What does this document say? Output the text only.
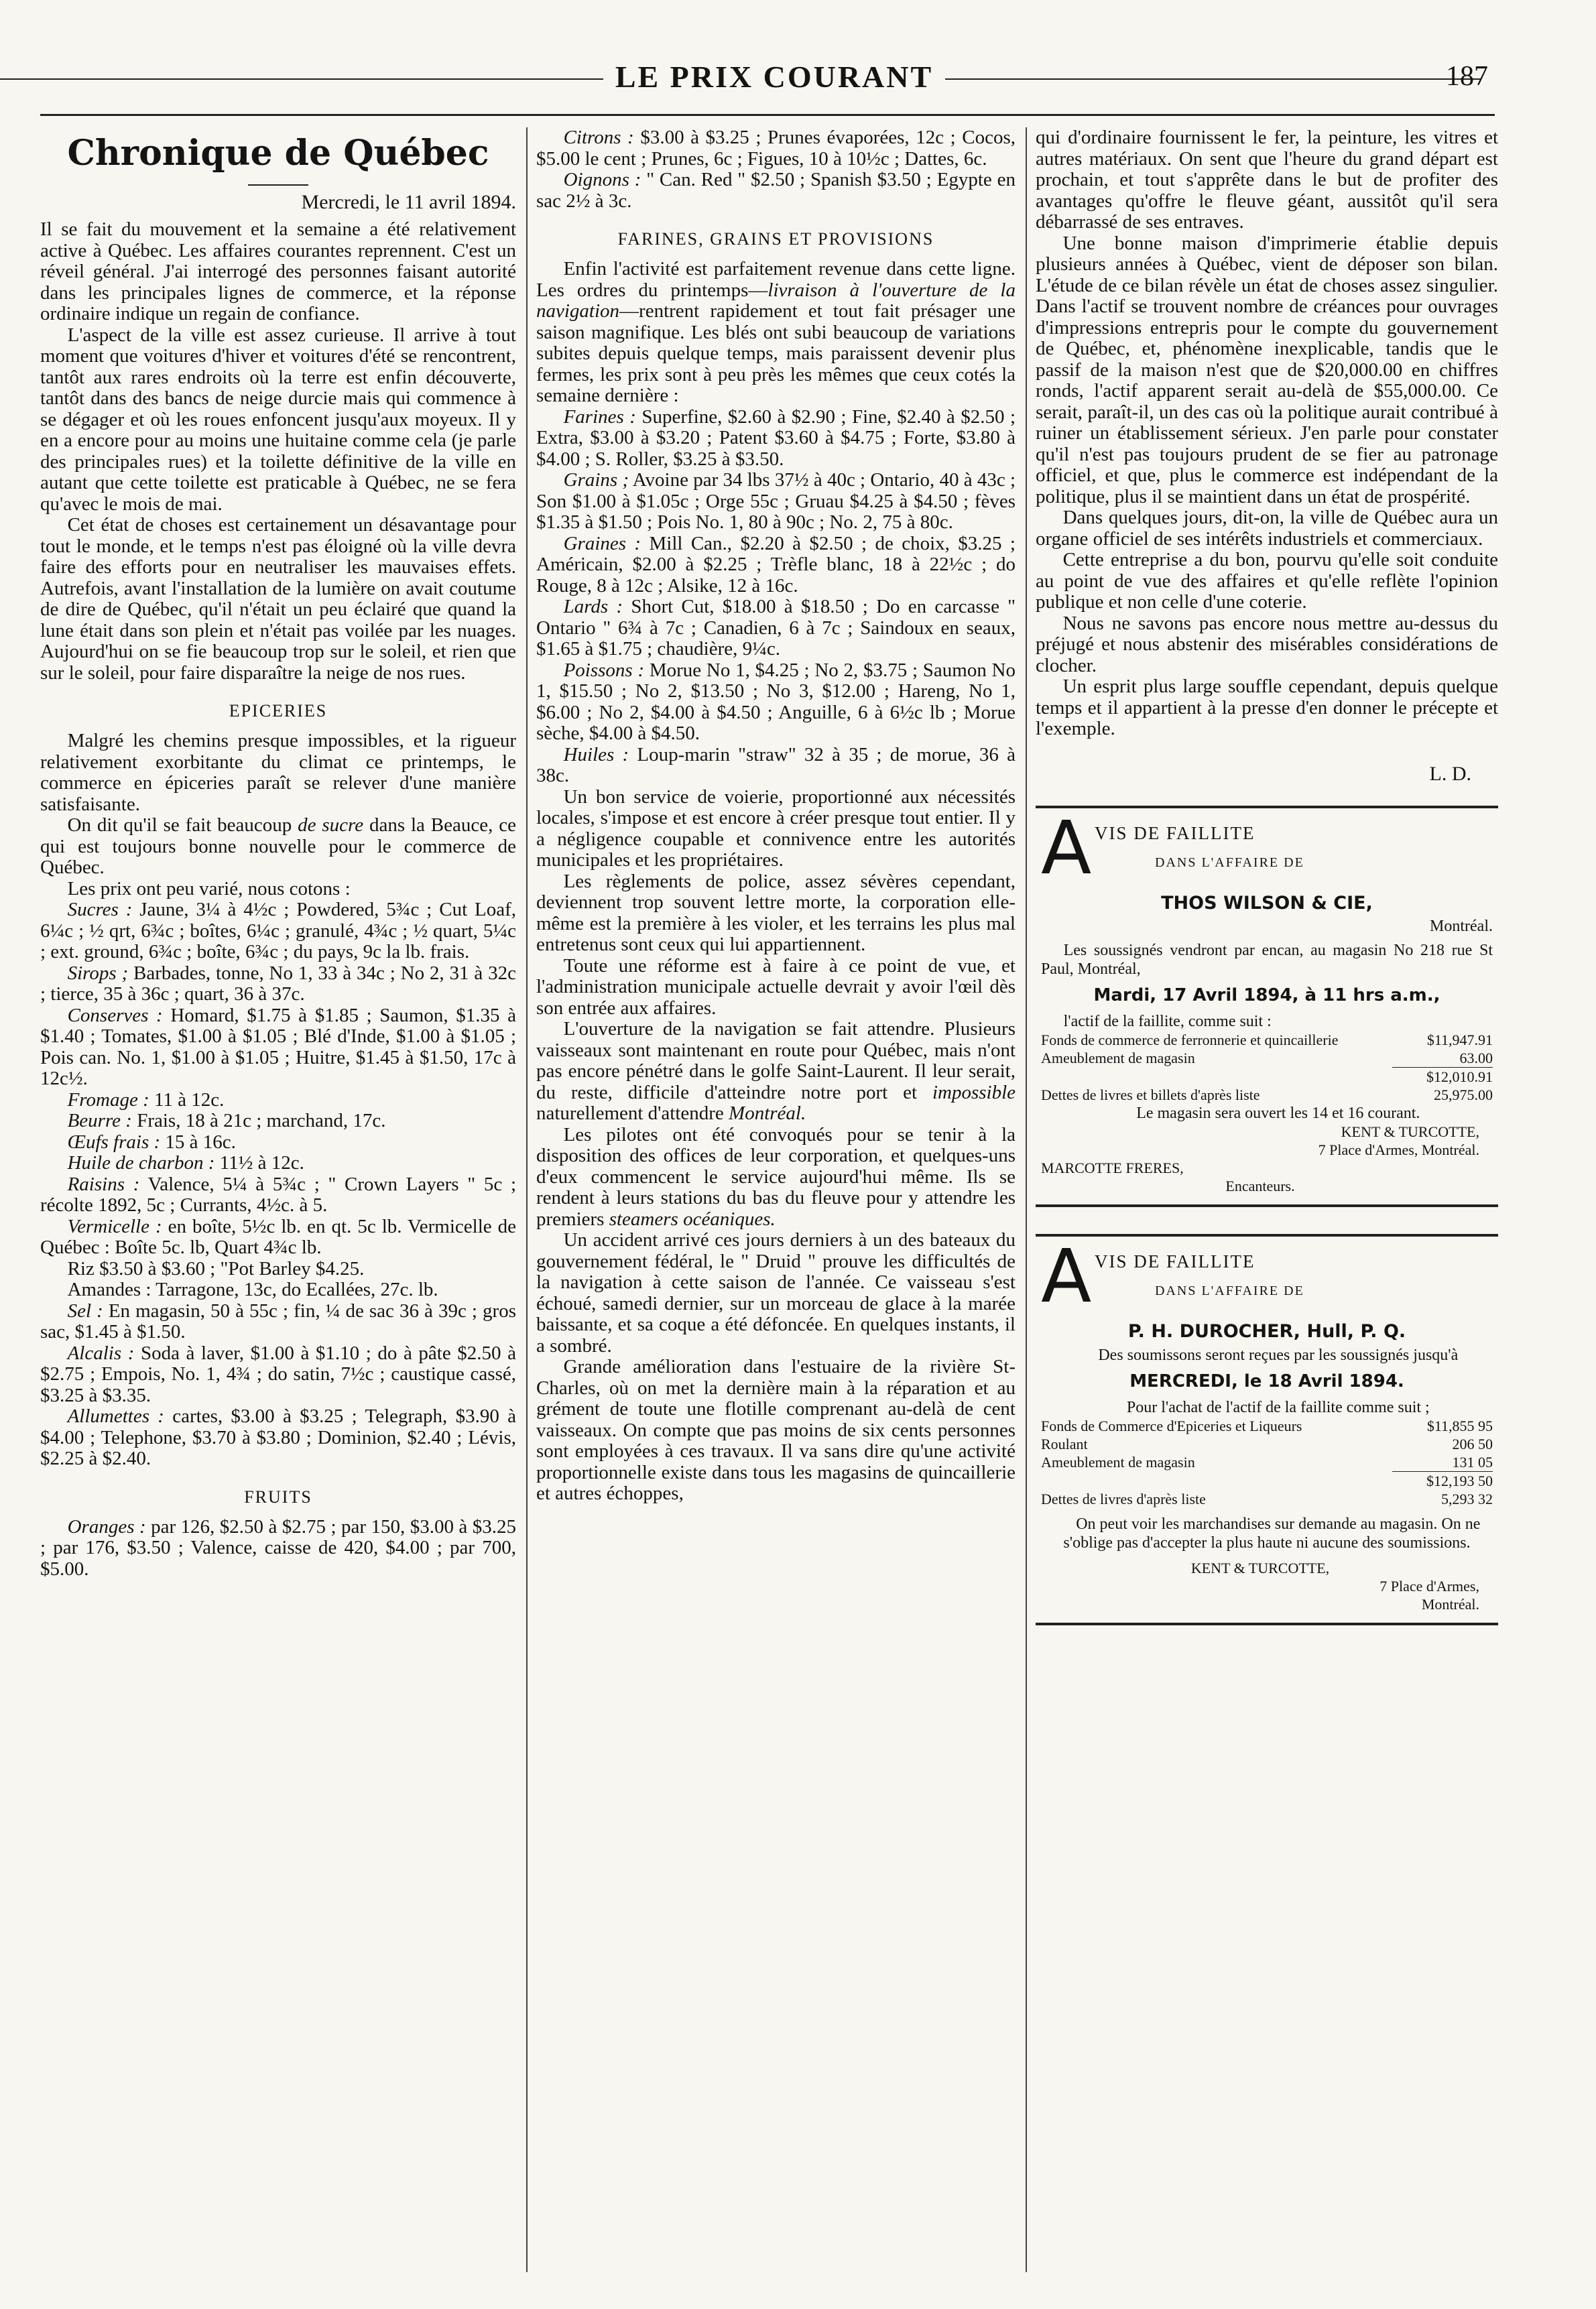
LE PRIX COURANT	187
Chronique de Québec
Mercredi, le 11 avril 1894.

Il se fait du mouvement et la semaine a été relativement active à Québec. Les affaires courantes reprennent. C'est un réveil général. J'ai interrogé des personnes faisant autorité dans les principales lignes de commerce, et la réponse ordinaire indique un regain de confiance.

L'aspect de la ville est assez curieuse. Il arrive à tout moment que voitures d'hiver et voitures d'été se rencontrent, tantôt aux rares endroits où la terre est enfin découverte, tantôt dans des bancs de neige durcie mais qui commence à se dégager et où les roues enfoncent jusqu'aux moyeux. Il y en a encore pour au moins une huitaine comme cela (je parle des principales rues) et la toilette définitive de la ville en autant que cette toilette est praticable à Québec, ne se fera qu'avec le mois de mai.

Cet état de choses est certainement un désavantage pour tout le monde, et le temps n'est pas éloigné où la ville devra faire des efforts pour en neutraliser les mauvaises effets. Autrefois, avant l'installation de la lumière on avait coutume de dire de Québec, qu'il n'était un peu éclairé que quand la lune était dans son plein et n'était pas voilée par les nuages. Aujourd'hui on se fie beaucoup trop sur le soleil, et rien que sur le soleil, pour faire disparaître la neige de nos rues.

EPICERIES

Malgré les chemins presque impossibles, et la rigueur relativement exorbitante du climat ce printemps, le commerce en épiceries paraît se relever d'une manière satisfaisante.

On dit qu'il se fait beaucoup de sucre dans la Beauce, ce qui est toujours bonne nouvelle pour le commerce de Québec.

Les prix ont peu varié, nous cotons :

Sucres : Jaune, 3¼ à 4½c ; Powdered, 5¾c ; Cut Loaf, 6¼c ; ½ qrt, 6¾c ; boîtes, 6¼c ; granulé, 4¾c ; ½ quart, 5¼c ; ext. ground, 6¾c ; boîte, 6¾c ; du pays, 9c la lb. frais.

Sirops ; Barbades, tonne, No 1, 33 à 34c ; No 2, 31 à 32c ; tierce, 35 à 36c ; quart, 36 à 37c.

Conserves : Homard, $1.75 à $1.85 ; Saumon, $1.35 à $1.40 ; Tomates, $1.00 à $1.05 ; Blé d'Inde, $1.00 à $1.05 ; Pois can. No. 1, $1.00 à $1.05 ; Huitre, $1.45 à $1.50, 17c à 12c½.

Fromage : 11 à 12c.

Beurre : Frais, 18 à 21c ; marchand, 17c.

Œufs frais : 15 à 16c.

Huile de charbon : 11½ à 12c.

Raisins : Valence, 5¼ à 5¾c ; " Crown Layers " 5c ; récolte 1892, 5c ; Currants, 4½c. à 5.

Vermicelle : en boîte, 5½c lb. en qt. 5c lb. Vermicelle de Québec : Boîte 5c. lb, Quart 4¾c lb.

Riz $3.50 à $3.60 ; "Pot Barley $4.25.

Amandes : Tarragone, 13c, do Ecallées, 27c. lb.

Sel : En magasin, 50 à 55c ; fin, ¼ de sac 36 à 39c ; gros sac, $1.45 à $1.50.

Alcalis : Soda à laver, $1.00 à $1.10 ; do à pâte $2.50 à $2.75 ; Empois, No. 1, 4¾ ; do satin, 7½c ; caustique cassé, $3.25 à $3.35.

Allumettes : cartes, $3.00 à $3.25 ; Telegraph, $3.90 à $4.00 ; Telephone, $3.70 à $3.80 ; Dominion, $2.40 ; Lévis, $2.25 à $2.40.

FRUITS

Oranges : par 126, $2.50 à $2.75 ; par 150, $3.00 à $3.25 ; par 176, $3.50 ; Valence, caisse de 420, $4.00 ; par 700, $5.00.

Citrons : $3.00 à $3.25 ; Prunes évaporées, 12c ; Cocos, $5.00 le cent ; Prunes, 6c ; Figues, 10 à 10½c ; Dattes, 6c.

Oignons : " Can. Red " $2.50 ; Spanish $3.50 ; Egypte en sac 2½ à 3c.

FARINES, GRAINS ET PROVISIONS

Enfin l'activité est parfaitement revenue dans cette ligne. Les ordres du printemps—livraison à l'ouverture de la navigation—rentrent rapidement et tout fait présager une saison magnifique. Les blés ont subi beaucoup de variations subites depuis quelque temps, mais paraissent devenir plus fermes, les prix sont à peu près les mêmes que ceux cotés la semaine dernière :

Farines : Superfine, $2.60 à $2.90 ; Fine, $2.40 à $2.50 ; Extra, $3.00 à $3.20 ; Patent $3.60 à $4.75 ; Forte, $3.80 à $4.00 ; S. Roller, $3.25 à $3.50.

Grains ; Avoine par 34 lbs 37½ à 40c ; Ontario, 40 à 43c ; Son $1.00 à $1.05c ; Orge 55c ; Gruau $4.25 à $4.50 ; fèves $1.35 à $1.50 ; Pois No. 1, 80 à 90c ; No. 2, 75 à 80c.

Graines : Mill Can., $2.20 à $2.50 ; de choix, $3.25 ; Américain, $2.00 à $2.25 ; Trèfle blanc, 18 à 22½c ; do Rouge, 8 à 12c ; Alsike, 12 à 16c.

Lards : Short Cut, $18.00 à $18.50 ; Do en carcasse " Ontario " 6¾ à 7c ; Canadien, 6 à 7c ; Saindoux en seaux, $1.65 à $1.75 ; chaudière, 9¼c.

Poissons : Morue No 1, $4.25 ; No 2, $3.75 ; Saumon No 1, $15.50 ; No 2, $13.50 ; No 3, $12.00 ; Hareng, No 1, $6.00 ; No 2, $4.00 à $4.50 ; Anguille, 6 à 6½c lb ; Morue sèche, $4.00 à $4.50.

Huiles : Loup-marin "straw" 32 à 35 ; de morue, 36 à 38c.

Un bon service de voierie, proportionné aux nécessités locales, s'impose et est encore à créer presque tout entier. Il y a négligence coupable et connivence entre les autorités municipales et les propriétaires.

Les règlements de police, assez sévères cependant, deviennent trop souvent lettre morte, la corporation elle-même est la première à les violer, et les terrains les plus mal entretenus sont ceux qui lui appartiennent.

Toute une réforme est à faire à ce point de vue, et l'administration municipale actuelle devrait y avoir l'œil dès son entrée aux affaires.

L'ouverture de la navigation se fait attendre. Plusieurs vaisseaux sont maintenant en route pour Québec, mais n'ont pas encore pénétré dans le golfe Saint-Laurent. Il leur serait, du reste, difficile d'atteindre notre port et impossible naturellement d'attendre Montréal.

Les pilotes ont été convoqués pour se tenir à la disposition des offices de leur corporation, et quelques-uns d'eux commencent le service aujourd'hui même. Ils se rendent à leurs stations du bas du fleuve pour y attendre les premiers steamers océaniques.

Un accident arrivé ces jours derniers à un des bateaux du gouvernement fédéral, le " Druid " prouve les difficultés de la navigation à cette saison de l'année. Ce vaisseau s'est échoué, samedi dernier, sur un morceau de glace à la marée baissante, et sa coque a été défoncée. En quelques instants, il a sombré.

Grande amélioration dans l'estuaire de la rivière St-Charles, où on met la dernière main à la réparation et au grément de toute une flotille comprenant au-delà de cent vaisseaux. On compte que pas moins de six cents personnes sont employées à ces travaux. Il va sans dire qu'une activité proportionnelle existe dans tous les magasins de quincaillerie et autres échoppes,

qui d'ordinaire fournissent le fer, la peinture, les vitres et autres matériaux. On sent que l'heure du grand départ est prochain, et tout s'apprête dans le but de profiter des avantages qu'offre le fleuve géant, aussitôt qu'il sera débarrassé de ses entraves.

Une bonne maison d'imprimerie établie depuis plusieurs années à Québec, vient de déposer son bilan. L'étude de ce bilan révèle un état de choses assez singulier. Dans l'actif se trouvent nombre de créances pour ouvrages d'impressions entrepris pour le compte du gouvernement de Québec, et, phénomène inexplicable, tandis que le passif de la maison n'est que de $20,000.00 en chiffres ronds, l'actif apparent serait au-delà de $55,000.00. Ce serait, paraît-il, un des cas où la politique aurait contribué à ruiner un établissement sérieux. J'en parle pour constater qu'il n'est pas toujours prudent de se fier au patronage officiel, et que, plus le commerce est indépendant de la politique, plus il se maintient dans un état de prospérité.

Dans quelques jours, dit-on, la ville de Québec aura un organe officiel de ses intérêts industriels et commerciaux.

Cette entreprise a du bon, pourvu qu'elle soit conduite au point de vue des affaires et qu'elle reflète l'opinion publique et non celle d'une coterie.

Nous ne savons pas encore nous mettre au-dessus du préjugé et nous abstenir des misérables considérations de clocher.

Un esprit plus large souffle cependant, depuis quelque temps et il appartient à la presse d'en donner le précepte et l'exemple.

L. D.
A VIS DE FAILLITE
DANS L'AFFAIRE DE
THOS WILSON & CIE,
Montréal.

Les soussignés vendront par encan, au magasin No 218 rue St Paul, Montréal,

Mardi, 17 Avril 1894, à 11 hrs a.m.,

l'actif de la faillite, comme suit :

Fonds de commerce de ferronnerie et quincaillerie	$11,947.91
Ameublement de magasin	63.00
$12,010.91
Dettes de livres et billets d'après liste	25,975.00

Le magasin sera ouvert les 14 et 16 courant.

KENT & TURCOTTE,
7 Place d'Armes, Montréal.
MARCOTTE FRERES,
Encanteurs.
A VIS DE FAILLITE
DANS L'AFFAIRE DE
P. H. DUROCHER, Hull, P. Q.

Des soumissons seront reçues par les soussignés jusqu'à

MERCREDI, le 18 Avril 1894.

Pour l'achat de l'actif de la faillite comme suit ;

Fonds de Commerce d'Epiceries et Liqueurs	$11,855 95
Roulant	206 50
Ameublement de magasin	131 05
$12,193 50
Dettes de livres d'après liste	5,293 32

On peut voir les marchandises sur demande au magasin. On ne s'oblige pas d'accepter la plus haute ni aucune des soumissions.

KENT & TURCOTTE,
7 Place d'Armes,
Montréal.
